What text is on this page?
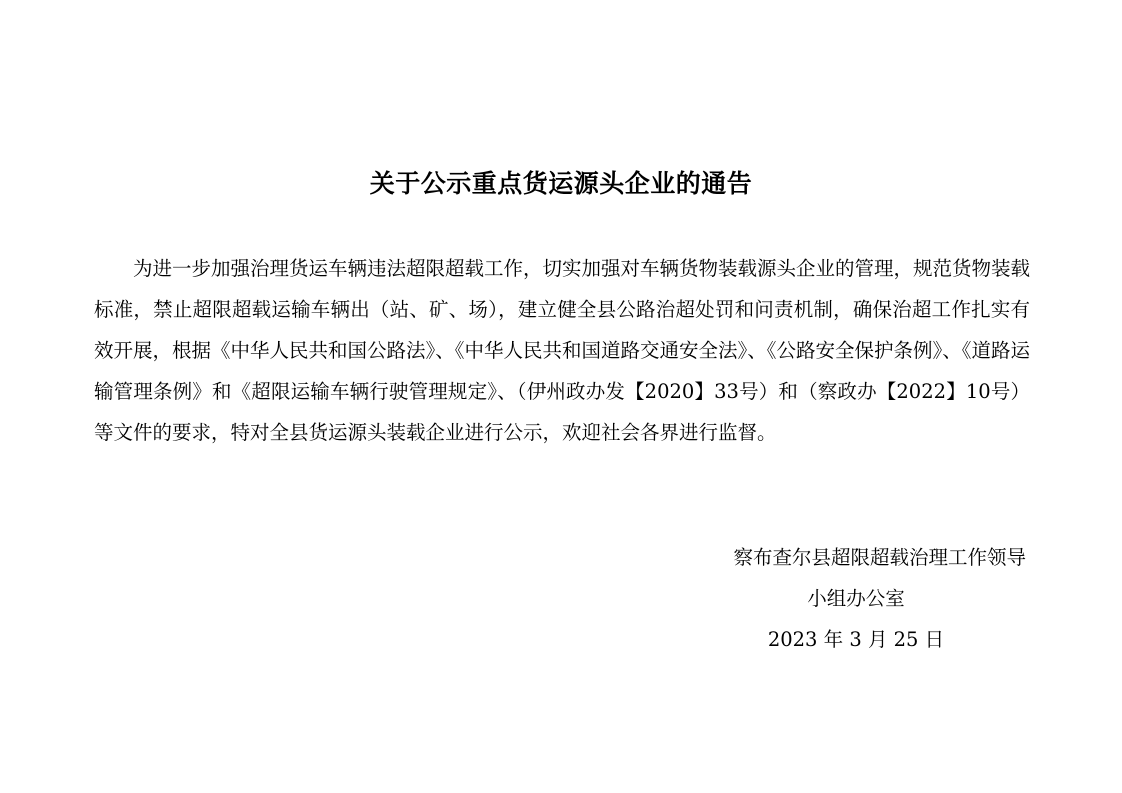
关于公示重点货运源头企业的通告
为进一步加强治理货运车辆违法超限超载工作，切实加强对车辆货物装载源头企业的管理，规范货物装载标准，禁止超限超载运输车辆出（站、矿、场），建立健全县公路治超处罚和问责机制，确保治超工作扎实有效开展，根据《中华人民共和国公路法》、《中华人民共和国道路交通安全法》、《公路安全保护条例》、《道路运输管理条例》和《超限运输车辆行驶管理规定》、（伊州政办发【2020】33号）和（察政办【2022】10号）等文件的要求，特对全县货运源头装载企业进行公示，欢迎社会各界进行监督。
察布查尔县超限超载治理工作领导
小组办公室
2023 年 3 月 25 日
